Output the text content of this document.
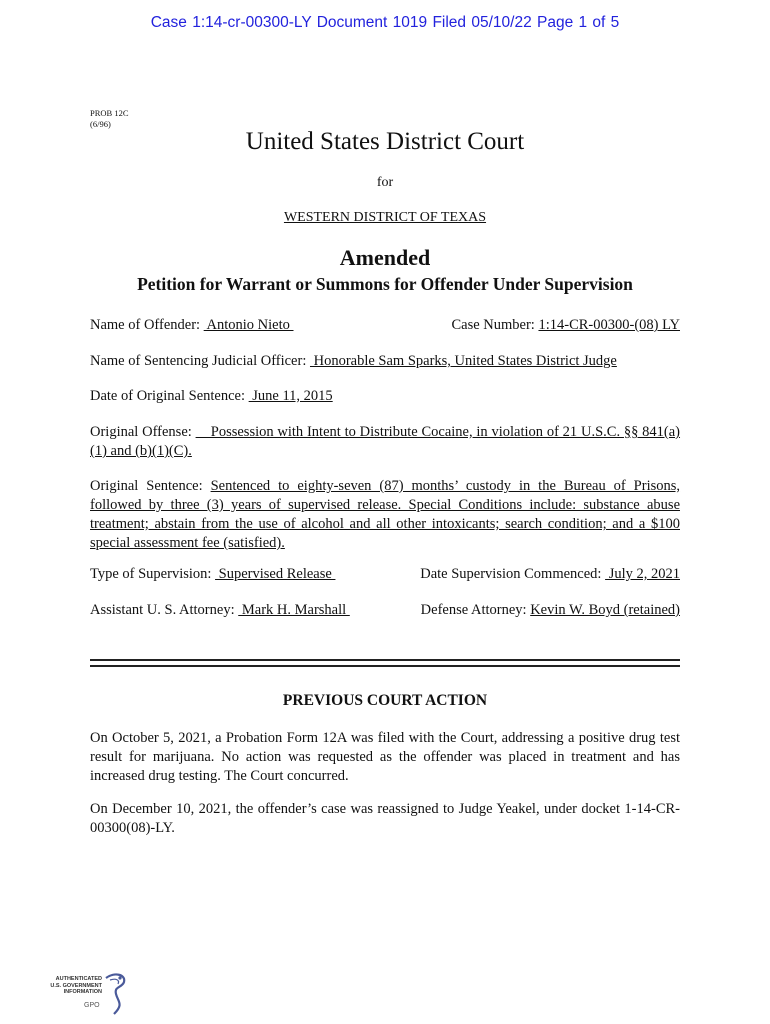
Case 1:14-cr-00300-LY Document 1019 Filed 05/10/22 Page 1 of 5
PROB 12C
(6/96)
United States District Court
for
WESTERN DISTRICT OF TEXAS
Amended
Petition for Warrant or Summons for Offender Under Supervision
Name of Offender:  Antonio Nieto	Case Number: 1:14-CR-00300-(08) LY
Name of Sentencing Judicial Officer:  Honorable Sam Sparks, United States District Judge
Date of Original Sentence:  June 11, 2015
Original Offense:     Possession with Intent to Distribute Cocaine, in violation of 21 U.S.C. §§ 841(a)(1) and (b)(1)(C).
Original Sentence: Sentenced to eighty-seven (87) months’ custody in the Bureau of Prisons, followed by three (3) years of supervised release. Special Conditions include: substance abuse treatment; abstain from the use of alcohol and all other intoxicants; search condition; and a $100 special assessment fee (satisfied).
Type of Supervision:  Supervised Release	Date Supervision Commenced:  July 2, 2021
Assistant U. S. Attorney:  Mark H. Marshall	Defense Attorney: Kevin W. Boyd (retained)
PREVIOUS COURT ACTION
On October 5, 2021, a Probation Form 12A was filed with the Court, addressing a positive drug test result for marijuana. No action was requested as the offender was placed in treatment and has increased drug testing. The Court concurred.
On December 10, 2021, the offender’s case was reassigned to Judge Yeakel, under docket 1-14-CR-00300(08)-LY.
AUTHENTICATED
U.S. GOVERNMENT
INFORMATION
GPO
